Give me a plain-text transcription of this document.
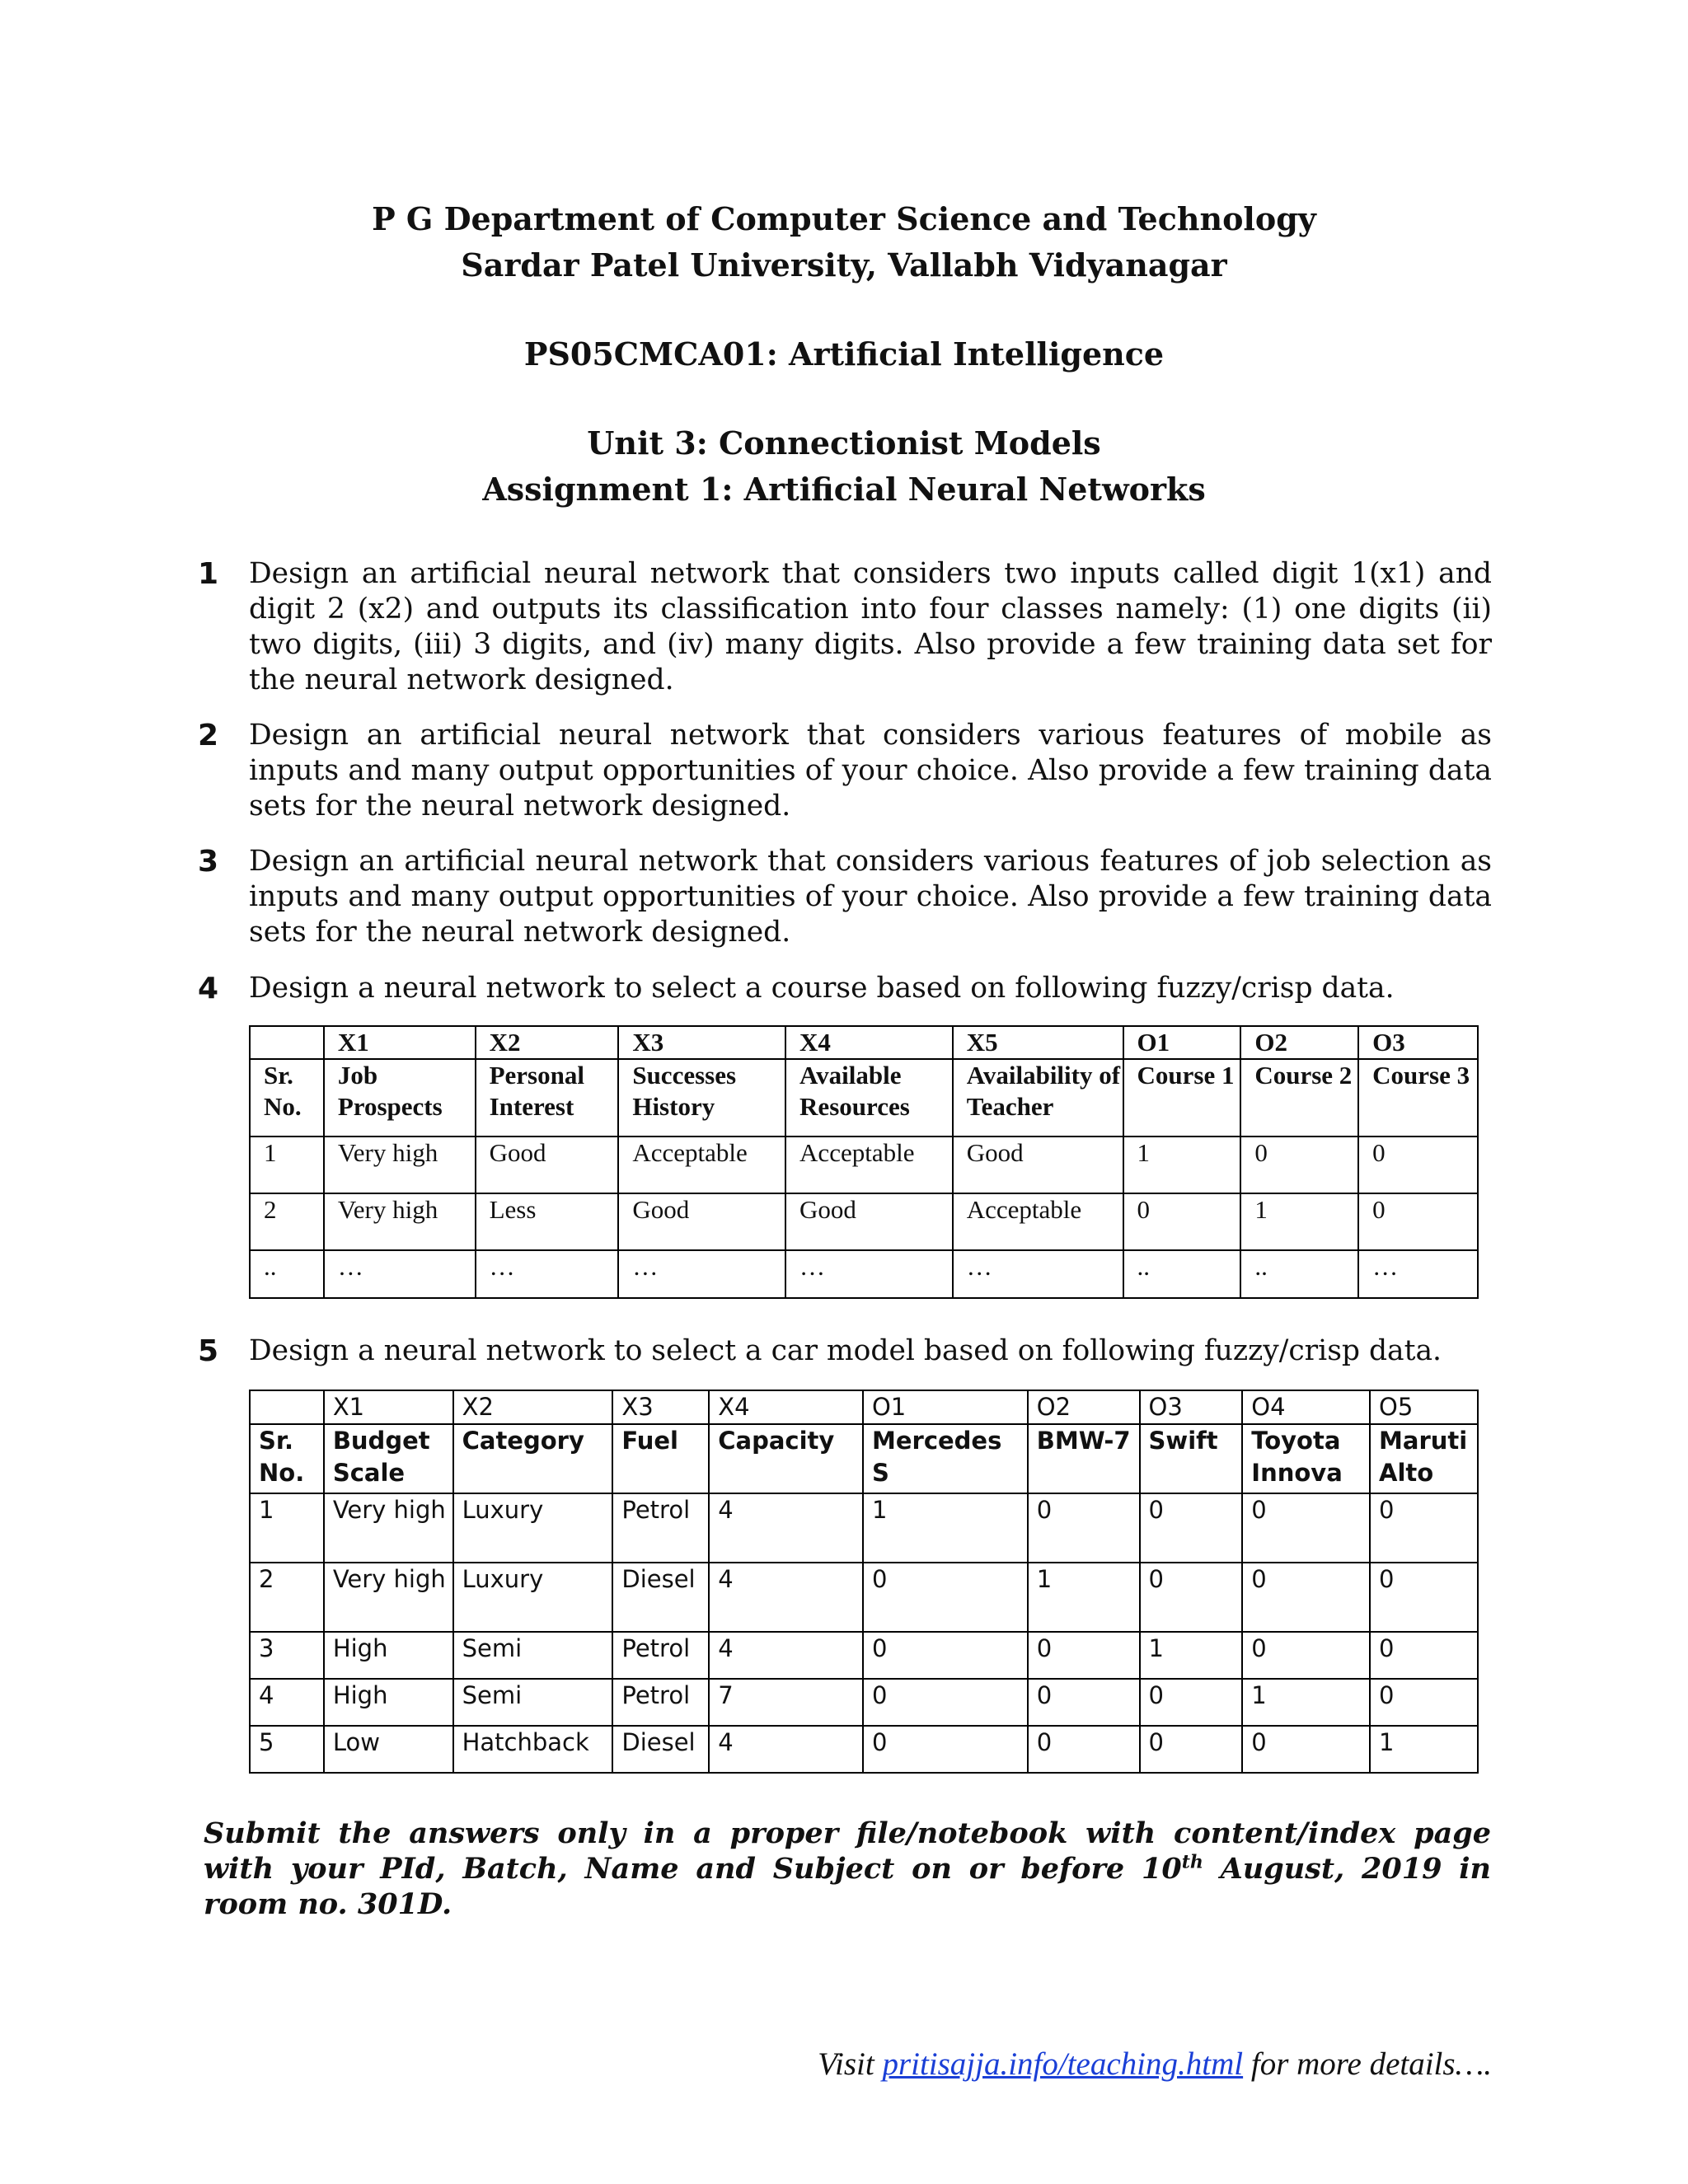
P G Department of Computer Science and Technology

Sardar Patel University, Vallabh Vidyanagar

PS05CMCA01: Artificial Intelligence

Unit 3: Connectionist Models

Assignment 1: Artificial Neural Networks

1 Design an artificial neural network that considers two inputs called digit 1(x1) and digit 2 (x2) and outputs its classification into four classes namely: (1) one digits (ii) two digits, (iii) 3 digits, and (iv) many digits. Also provide a few training data set for the neural network designed.
2 Design an artificial neural network that considers various features of mobile as inputs and many output opportunities of your choice. Also provide a few training data sets for the neural network designed.
3 Design an artificial neural network that considers various features of job selection as inputs and many output opportunities of your choice. Also provide a few training data sets for the neural network designed.
4 Design a neural network to select a course based on following fuzzy/crisp data.
	X1	X2	X3	X4	X5	O1	O2	O3
Sr. No.	Job Prospects	Personal Interest	Successes History	Available Resources	Availability of Teacher	Course 1	Course 2	Course 3
1	Very high	Good	Acceptable	Acceptable	Good	1	0	0
2	Very high	Less	Good	Good	Acceptable	0	1	0
..	…	…	…	…	…	..	..	…
5 Design a neural network to select a car model based on following fuzzy/crisp data.
	X1	X2	X3	X4	O1	O2	O3	O4	O5
Sr. No.	Budget Scale	Category	Fuel	Capacity	Mercedes S	BMW-7	Swift	Toyota Innova	Maruti Alto
1	Very high	Luxury	Petrol	4	1	0	0	0	0
2	Very high	Luxury	Diesel	4	0	1	0	0	0
3	High	Semi	Petrol	4	0	0	1	0	0
4	High	Semi	Petrol	7	0	0	0	1	0
5	Low	Hatchback	Diesel	4	0	0	0	0	1
Submit the answers only in a proper file/notebook with content/index page with your PId, Batch, Name and Subject on or before 10th August, 2019 in room no. 301D.
Visit pritisajja.info/teaching.html for more details….
